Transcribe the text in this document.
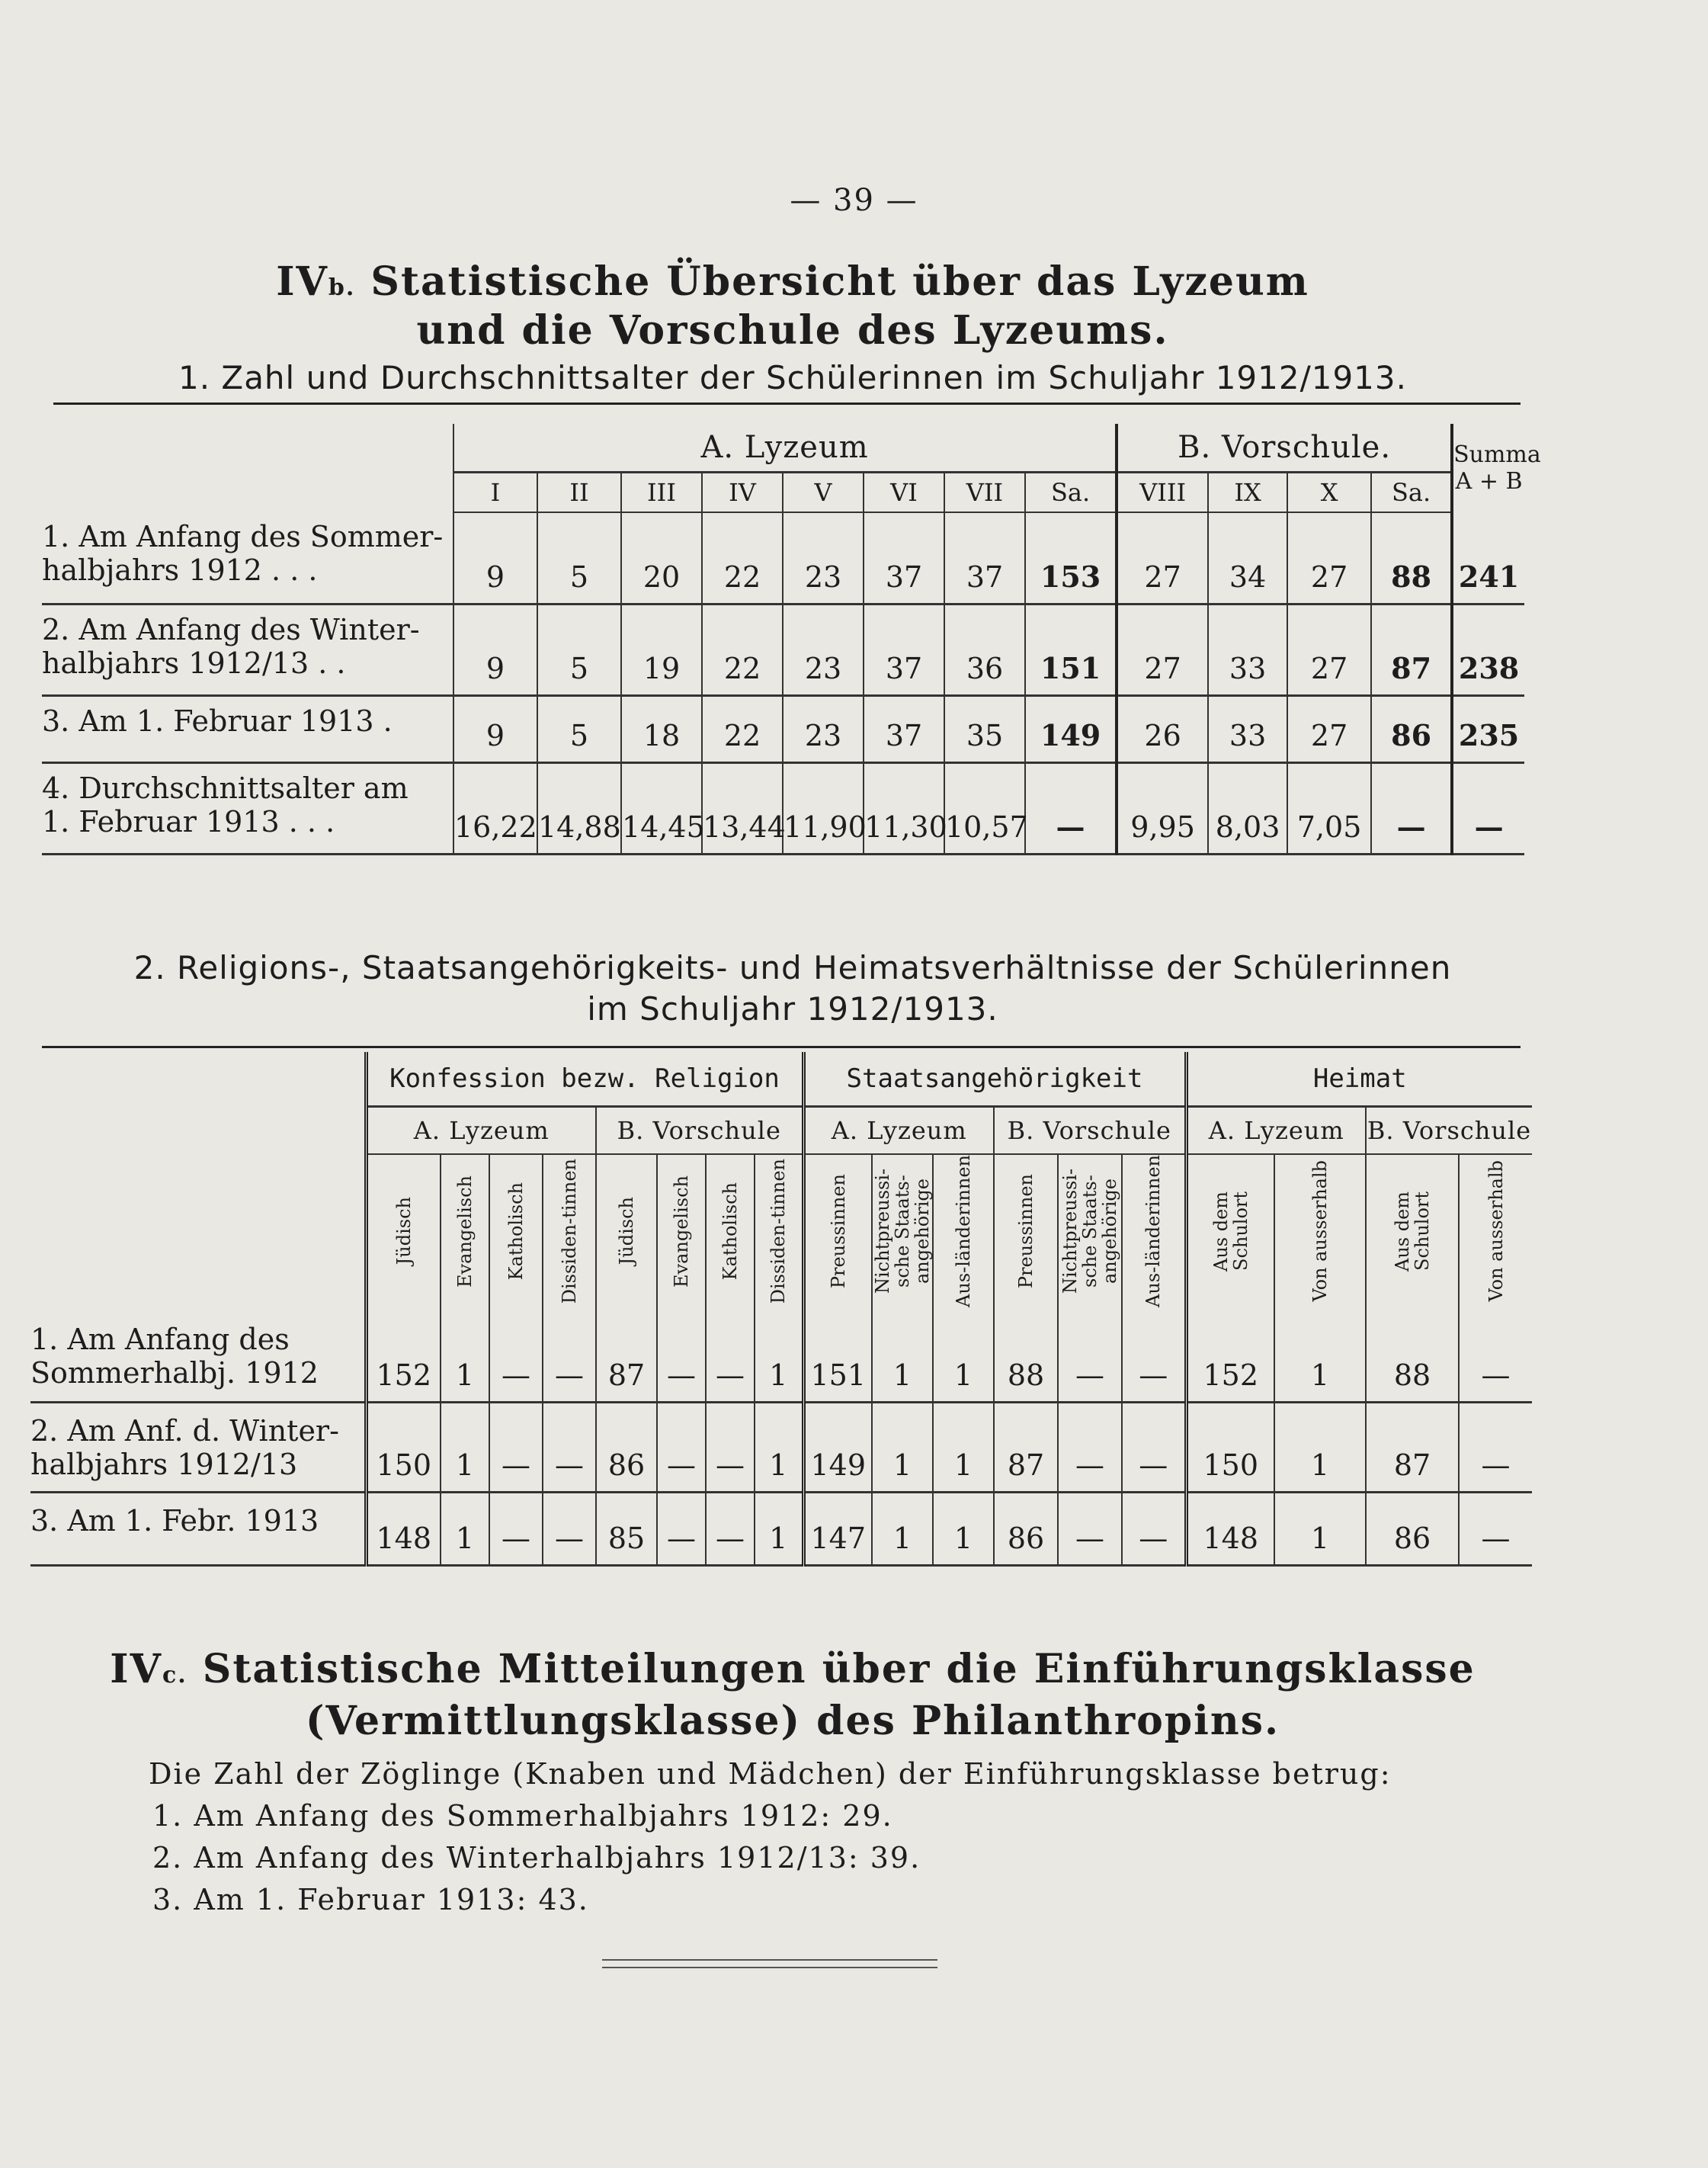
— 39 —
IVb. Statistische Übersicht über das Lyzeum
und die Vorschule des Lyzeums.
1. Zahl und Durchschnittsalter der Schülerinnen im Schuljahr 1912/1913.
	A. Lyzeum								B. Vorschule.				Summa
A + B

	I	II	III	IV	V	VI	VII	Sa.	VIII	IX	X	Sa.	

1. Am Anfang des Sommer-
halbjahrs 1912 . . .	9	5	20	22	23	37	37	153	27	34	27	88	241

2. Am Anfang des Winter-
halbjahrs 1912/13 . .	9	5	19	22	23	37	36	151	27	33	27	87	238

3. Am 1. Februar 1913 .	9	5	18	22	23	37	35	149	26	33	27	86	235

4. Durchschnittsalter am
1. Februar 1913 . . .	16,22	14,88	14,45	13,44	11,90	11,30	10,57	—	9,95	8,03	7,05	—	—
2. Religions-, Staatsangehörigkeits- und Heimatsverhältnisse der Schülerinnen
im Schuljahr 1912/1913.
	Konfession bezw. Religion								Staatsangehörigkeit						Heimat			
	A. Lyzeum				B. Vorschule				A. Lyzeum			B. Vorschule			A. Lyzeum		B. Vorschule	
	Jüdisch	Evangelisch	Katholisch	Dissiden-tinnen	Jüdisch	Evangelisch	Katholisch	Dissiden-tinnen	Preussinnen	Nichtpreussi-sche Staats-angehörige	Aus-länderinnen	Preussinnen	Nichtpreussi-sche Staats-angehörige	Aus-länderinnen	Aus dem Schulort	Von ausserhalb	Aus dem Schulort	Von ausserhalb

1. Am Anfang des
Sommerhalbj. 1912	152	1	—	—	87	—	—	1	151	1	1	88	—	—	152	1	88	—

2. Am Anf. d. Winter-
halbjahrs 1912/13	150	1	—	—	86	—	—	1	149	1	1	87	—	—	150	1	87	—

3. Am 1. Febr. 1913	148	1	—	—	85	—	—	1	147	1	1	86	—	—	148	1	86	—
IVc. Statistische Mitteilungen über die Einführungsklasse
(Vermittlungsklasse) des Philanthropins.
Die Zahl der Zöglinge (Knaben und Mädchen) der Einführungsklasse betrug:
1. Am Anfang des Sommerhalbjahrs 1912: 29.
2. Am Anfang des Winterhalbjahrs 1912/13: 39.
3. Am 1. Februar 1913: 43.
